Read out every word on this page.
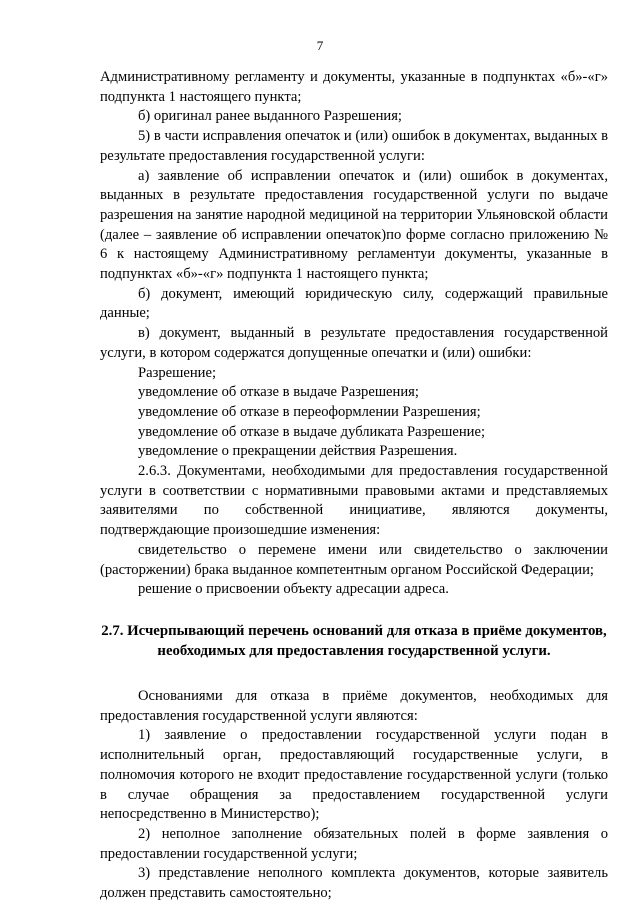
7

Административному регламенту и документы, указанные в подпунктах «б»-«г» подпункта 1 настоящего пункта;

б) оригинал ранее выданного Разрешения;

5) в части исправления опечаток и (или) ошибок в документах, выданных в результате предоставления государственной услуги:

а) заявление об исправлении опечаток и (или) ошибок в документах, выданных в результате предоставления государственной услуги по выдаче разрешения на занятие народной медициной на территории Ульяновской области (далее – заявление об исправлении опечаток)по форме согласно приложению № 6 к настоящему Административному регламентуи документы, указанные в подпунктах «б»-«г» подпункта 1 настоящего пункта;

б) документ, имеющий юридическую силу, содержащий правильные данные;

в) документ, выданный в результате предоставления государственной услуги, в котором содержатся допущенные опечатки и (или) ошибки:

Разрешение;

уведомление об отказе в выдаче Разрешения;

уведомление об отказе в переоформлении Разрешения;

уведомление об отказе в выдаче дубликата Разрешение;

уведомление о прекращении действия Разрешения.

2.6.3. Документами, необходимыми для предоставления государственной услуги в соответствии с нормативными правовыми актами и представляемых заявителями по собственной инициативе, являются документы, подтверждающие произошедшие изменения:

свидетельство о перемене имени или свидетельство о заключении (расторжении) брака выданное компетентным органом Российской Федерации;

решение о присвоении объекту адресации адреса.

2.7. Исчерпывающий перечень оснований для отказа в приёме документов, необходимых для предоставления государственной услуги.

Основаниями для отказа в приёме документов, необходимых для предоставления государственной услуги являются:

1) заявление о предоставлении государственной услуги подан в исполнительный орган, предоставляющий государственные услуги, в полномочия которого не входит предоставление государственной услуги (только в случае обращения за предоставлением государственной услуги непосредственно в Министерство);

2) неполное заполнение обязательных полей в форме заявления о предоставлении государственной услуги;

3) представление неполного комплекта документов, которые заявитель должен представить самостоятельно;
